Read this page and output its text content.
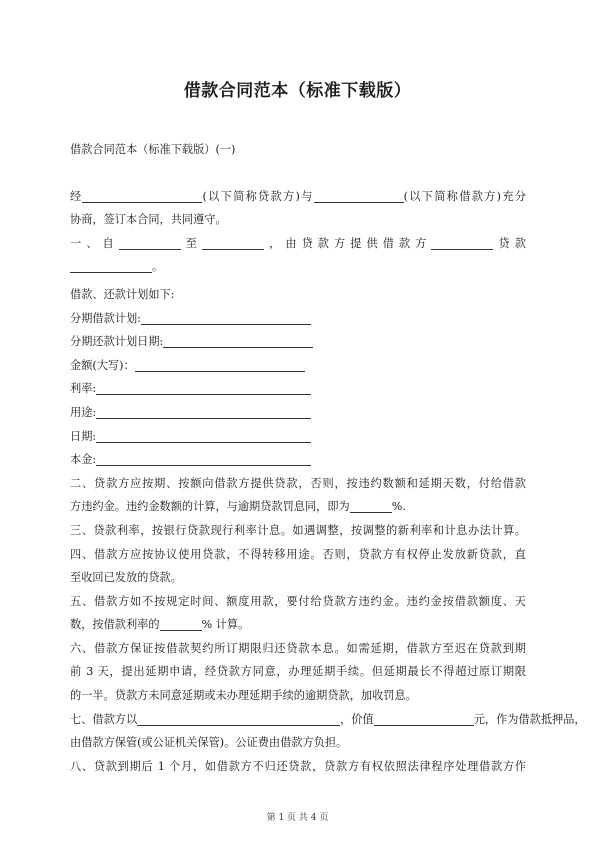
借款合同范本（标准下载版）
借款合同范本（标准下载版）(一)
经	(以下简称贷款方)与	(以下简称借款方)充分
协商，签订本合同，共同遵守。
一、自	至	，由贷款方提供借款方	贷款
。
借款、还款计划如下:
分期借款计划:
分期还款计划日期:
金额(大写)：
利率:
用途:
日期:
本金:
二、贷款方应按期、按额向借款方提供贷款，否则，按违约数额和延期天数，付给借款
方违约金。违约金数额的计算，与逾期贷款罚息同，即为	%.
三、贷款利率，按银行贷款现行利率计息。如遇调整，按调整的新利率和计息办法计算。
四、借款方应按协议使用贷款，不得转移用途。否则，贷款方有权停止发放新贷款，直
至收回已发放的贷款。
五、借款方如不按规定时间、额度用款，要付给贷款方违约金。违约金按借款额度、天
数，按借款利率的	% 计算。
六、借款方保证按借款契约所订期限归还贷款本息。如需延期，借款方至迟在贷款到期
前 3 天，提出延期申请，经贷款方同意，办理延期手续。但延期最长不得超过原订期限
的一半。贷款方未同意延期或未办理延期手续的逾期贷款，加收罚息。
七、借款方以	，价值	元，作为借款抵押品，
由借款方保管(或公证机关保管)。公证费由借款方负担。
八、贷款到期后 1 个月，如借款方不归还贷款，贷款方有权依照法律程序处理借款方作
第 1 页 共 4 页
